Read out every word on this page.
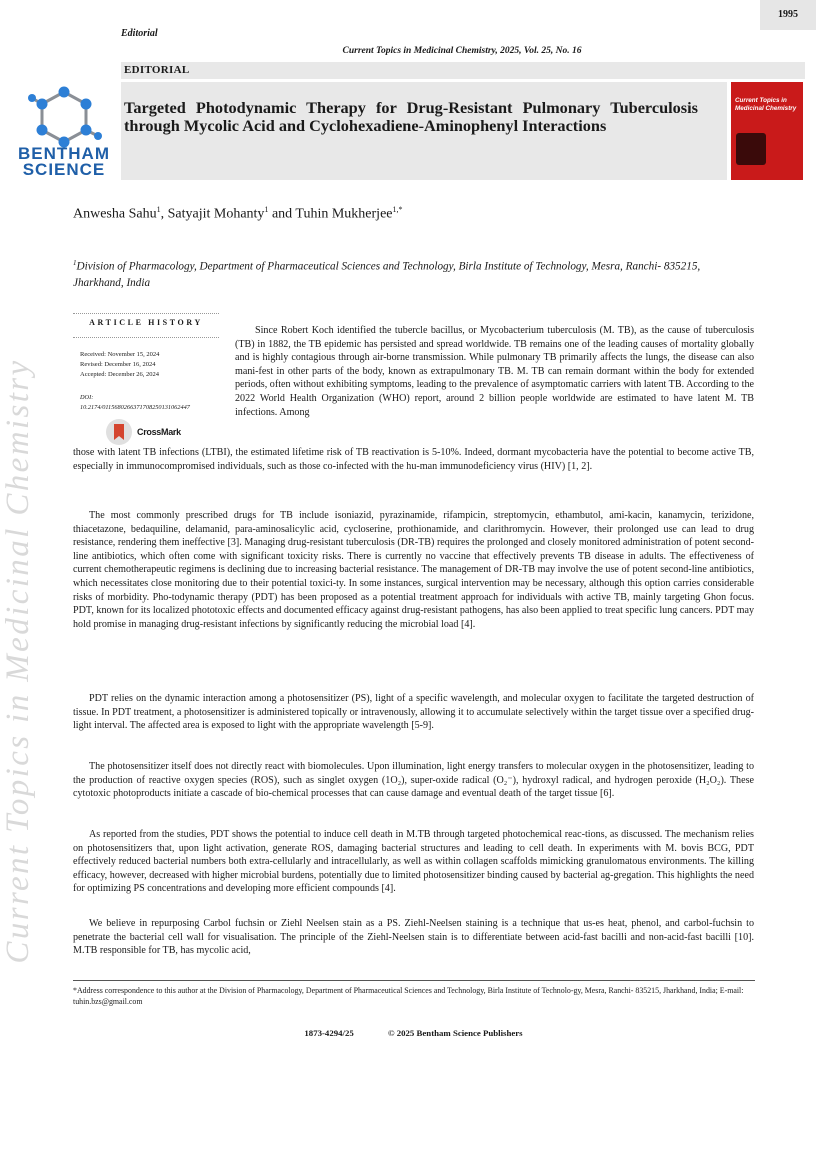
1995
Editorial
Current Topics in Medicinal Chemistry, 2025, Vol. 25, No. 16
EDITORIAL
BENTHAM
SCIENCE
Targeted Photodynamic Therapy for Drug-Resistant Pulmonary Tuberculosis through Mycolic Acid and Cyclohexadiene-Aminophenyl Interactions
Current Topics in
Medicinal Chemistry
Anwesha Sahu$^1$, Satyajit Mohanty$^1$ and Tuhin Mukherjee$^{1,*}$
$^1$Division of Pharmacology, Department of Pharmaceutical Sciences and Technology, Birla Institute of Technology, Mesra, Ranchi- 835215, Jharkhand, India
ARTICLE HISTORY
Received: November 15, 2024
Revised: December 16, 2024
Accepted: December 26, 2024
DOI:
10.2174/0115680266371708250131062447
CrossMark
Current Topics in Medicinal Chemistry
Since Robert Koch identified the tubercle bacillus, or Mycobacterium tuberculosis (M. TB), as the cause of tuberculosis (TB) in 1882, the TB epidemic has persisted and spread worldwide. TB remains one of the leading causes of mortality globally and is highly contagious through air-borne transmission. While pulmonary TB primarily affects the lungs, the disease can also mani-fest in other parts of the body, known as extrapulmonary TB. M. TB can remain dormant within the body for extended periods, often without exhibiting symptoms, leading to the prevalence of asymptomatic carriers with latent TB. According to the 2022 World Health Organization (WHO) report, around 2 billion people worldwide are estimated to have latent M. TB infections. Among
those with latent TB infections (LTBI), the estimated lifetime risk of TB reactivation is 5-10%. Indeed, dormant mycobacteria have the potential to become active TB, especially in immunocompromised individuals, such as those co-infected with the hu-man immunodeficiency virus (HIV) [1, 2].
The most commonly prescribed drugs for TB include isoniazid, pyrazinamide, rifampicin, streptomycin, ethambutol, ami-kacin, kanamycin, terizidone, thiacetazone, bedaquiline, delamanid, para-aminosalicylic acid, cycloserine, prothionamide, and clarithromycin. However, their prolonged use can lead to drug resistance, rendering them ineffective [3]. Managing drug-resistant tuberculosis (DR-TB) requires the prolonged and closely monitored administration of potent second-line antibiotics, which often come with significant toxicity risks. There is currently no vaccine that effectively prevents TB disease in adults. The effectiveness of current chemotherapeutic regimens is declining due to increasing bacterial resistance. The management of DR-TB may involve the use of potent second-line antibiotics, which necessitates close monitoring due to their potential toxici-ty. In some instances, surgical intervention may be necessary, although this option carries considerable risks of morbidity. Pho-todynamic therapy (PDT) has been proposed as a potential treatment approach for individuals with active TB, mainly targeting Ghon focus. PDT, known for its localized phototoxic effects and documented efficacy against drug-resistant pathogens, has also been applied to treat specific lung cancers. PDT may hold promise in managing drug-resistant infections by significantly reducing the microbial load [4].
PDT relies on the dynamic interaction among a photosensitizer (PS), light of a specific wavelength, and molecular oxygen to facilitate the targeted destruction of tissue. In PDT treatment, a photosensitizer is administered topically or intravenously, allowing it to accumulate selectively within the target tissue over a specified drug-light interval. The affected area is exposed to light with the appropriate wavelength [5-9].
The photosensitizer itself does not directly react with biomolecules. Upon illumination, light energy transfers to molecular oxygen in the photosensitizer, leading to the production of reactive oxygen species (ROS), such as singlet oxygen (1O₂), super-oxide radical (O₂⁻), hydroxyl radical, and hydrogen peroxide (H₂O₂). These cytotoxic photoproducts initiate a cascade of bio-chemical processes that can cause damage and eventual death of the target tissue [6].
As reported from the studies, PDT shows the potential to induce cell death in M.TB through targeted photochemical reac-tions, as discussed. The mechanism relies on photosensitizers that, upon light activation, generate ROS, damaging bacterial structures and leading to cell death. In experiments with M. bovis BCG, PDT effectively reduced bacterial numbers both extra-cellularly and intracellularly, as well as within collagen scaffolds mimicking granulomatous environments. The killing efficacy, however, decreased with higher microbial burdens, potentially due to limited photosensitizer binding caused by bacterial ag-gregation. This highlights the need for optimizing PS concentrations and developing more efficient compounds [4].
We believe in repurposing Carbol fuchsin or Ziehl Neelsen stain as a PS. Ziehl-Neelsen staining is a technique that us-es heat, phenol, and carbol-fuchsin to penetrate the bacterial cell wall for visualisation. The principle of the Ziehl-Neelsen stain is to differentiate between acid-fast bacilli and non-acid-fast bacilli [10]. M.TB responsible for TB, has mycolic acid,
*Address correspondence to this author at the Division of Pharmacology, Department of Pharmaceutical Sciences and Technology, Birla Institute of Technolo-gy, Mesra, Ranchi- 835215, Jharkhand, India; E-mail: tuhin.bzs@gmail.com
1873-4294/25	© 2025 Bentham Science Publishers
